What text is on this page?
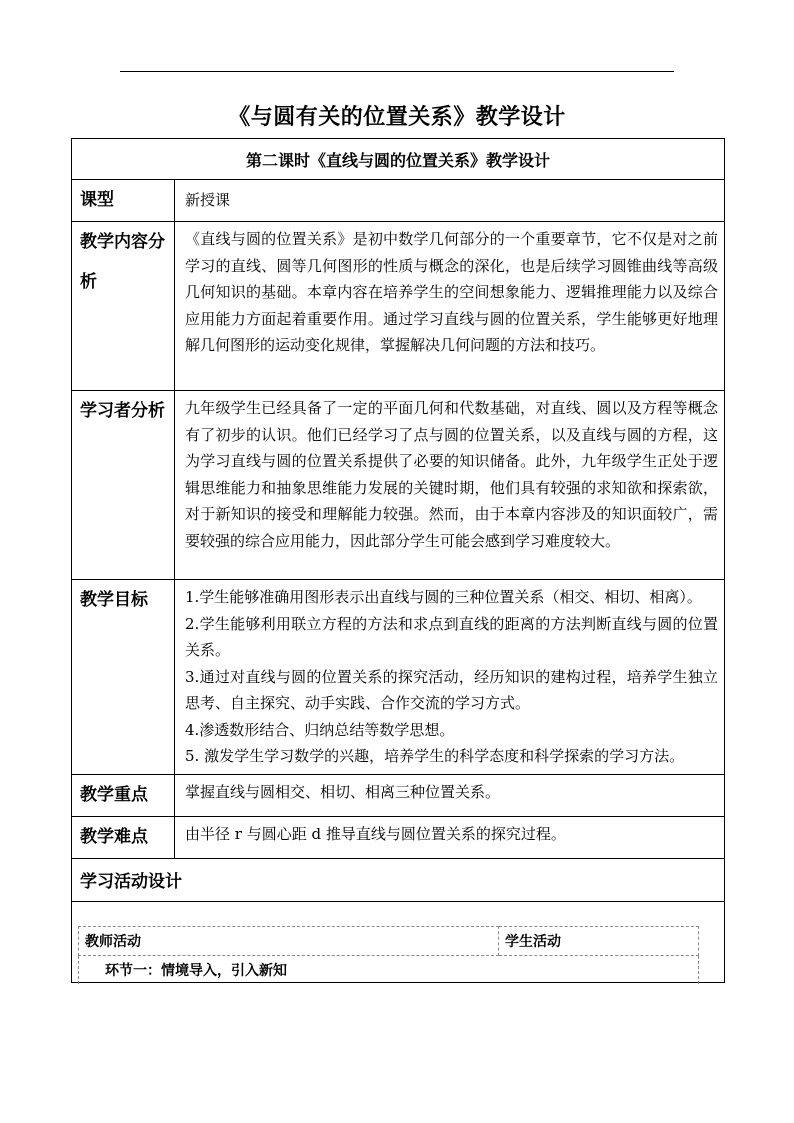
《与圆有关的位置关系》教学设计
第二课时《直线与圆的位置关系》教学设计
课型	新授课
教学内容分析	《直线与圆的位置关系》是初中数学几何部分的一个重要章节，它不仅是对之前学习的直线、圆等几何图形的性质与概念的深化，也是后续学习圆锥曲线等高级几何知识的基础。本章内容在培养学生的空间想象能力、逻辑推理能力以及综合应用能力方面起着重要作用。通过学习直线与圆的位置关系，学生能够更好地理解几何图形的运动变化规律，掌握解决几何问题的方法和技巧。
学习者分析	九年级学生已经具备了一定的平面几何和代数基础，对直线、圆以及方程等概念有了初步的认识。他们已经学习了点与圆的位置关系，以及直线与圆的方程，这为学习直线与圆的位置关系提供了必要的知识储备。此外，九年级学生正处于逻辑思维能力和抽象思维能力发展的关键时期，他们具有较强的求知欲和探索欲，对于新知识的接受和理解能力较强。然而，由于本章内容涉及的知识面较广，需要较强的综合应用能力，因此部分学生可能会感到学习难度较大。
教学目标	1.学生能够准确用图形表示出直线与圆的三种位置关系（相交、相切、相离）。

2.学生能够利用联立方程的方法和求点到直线的距离的方法判断直线与圆的位置关系。

3.通过对直线与圆的位置关系的探究活动，经历知识的建构过程，培养学生独立思考、自主探究、动手实践、合作交流的学习方式。

4.渗透数形结合、归纳总结等数学思想。

5. 激发学生学习数学的兴趣，培养学生的科学态度和科学探索的学习方法。

教学重点	掌握直线与圆相交、相切、相离三种位置关系。
教学难点	由半径 r 与圆心距 d 推导直线与圆位置关系的探究过程。
学习活动设计

教师活动	学生活动
环节一：情境导入，引入新知
